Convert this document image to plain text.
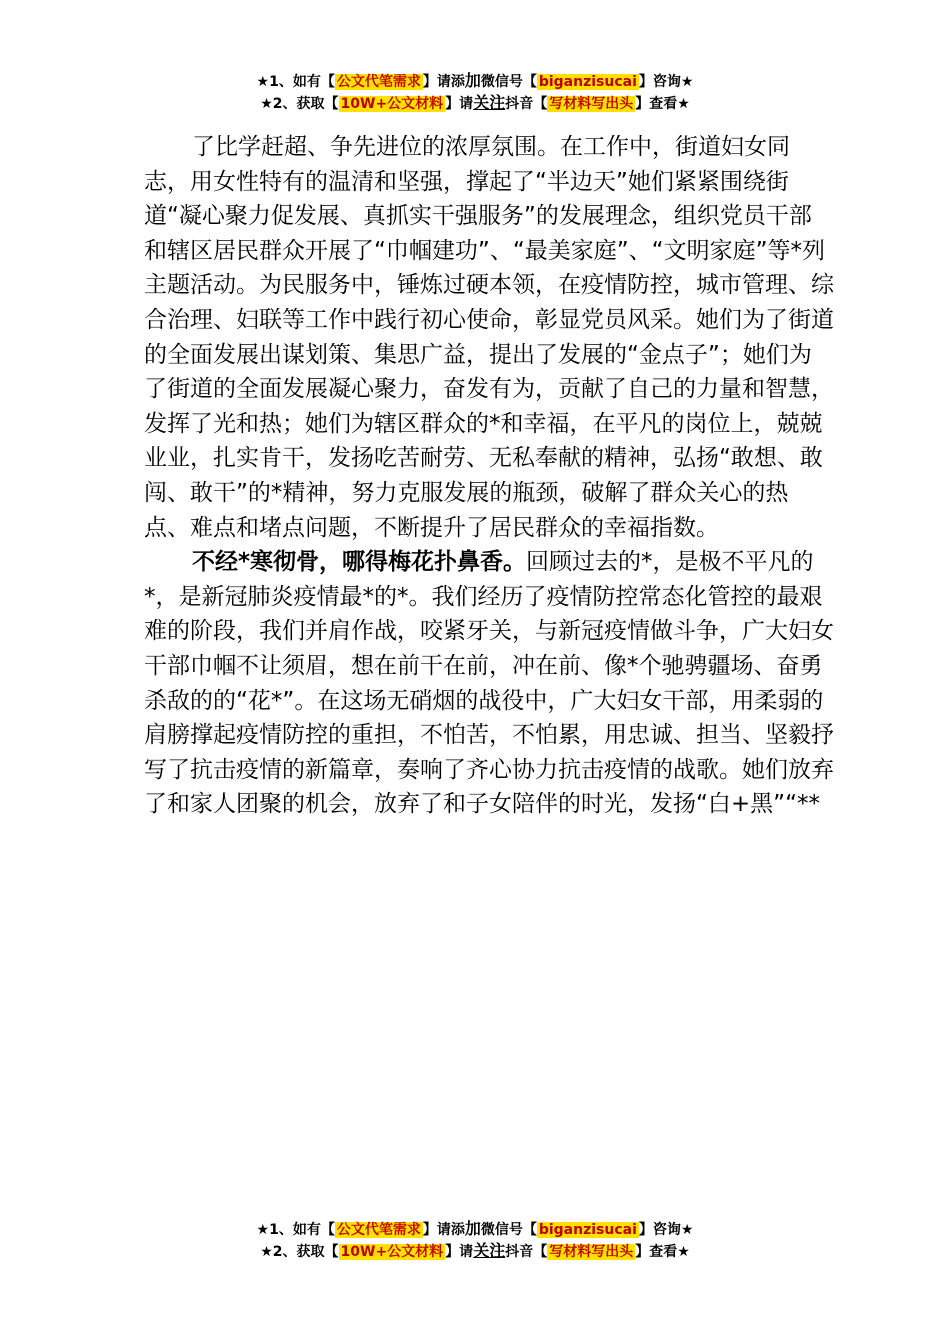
★1、如有【 公文代笔需求 】请添加微信号【 biganzisucai 】咨询★
★2、获取【 10W+公文材料 】请关注抖音【 写材料写出头 】查看★

了比学赶超、争先进位的浓厚氛围。在工作中，街道妇女同志，用女性特有的温清和坚强，撑起了“半边天”她们紧紧围绕街道“凝心聚力促发展、真抓实干强服务”的发展理念，组织党员干部和辖区居民群众开展了“巾帼建功”、“最美家庭”、“文明家庭”等*列主题活动。为民服务中，锤炼过硬本领，在疫情防控，城市管理、综合治理、妇联等工作中践行初心使命，彰显党员风采。她们为了街道的全面发展出谋划策、集思广益，提出了发展的“金点子”；她们为了街道的全面发展凝心聚力，奋发有为，贡献了自己的力量和智慧，发挥了光和热；她们为辖区群众的*和幸福，在平凡的岗位上，兢兢业业，扎实肯干，发扬吃苦耐劳、无私奉献的精神，弘扬“敢想、敢闯、敢干”的*精神，努力克服发展的瓶颈，破解了群众关心的热点、难点和堵点问题，不断提升了居民群众的幸福指数。

不经*寒彻骨，哪得梅花扑鼻香。回顾过去的*，是极不平凡的*，是新冠肺炎疫情最*的*。我们经历了疫情防控常态化管控的最艰难的阶段，我们并肩作战，咬紧牙关，与新冠疫情做斗争，广大妇女干部巾帼不让须眉，想在前干在前，冲在前、像*个驰骋疆场、奋勇杀敌的的“花*”。在这场无硝烟的战役中，广大妇女干部，用柔弱的肩膀撑起疫情防控的重担，不怕苦，不怕累，用忠诚、担当、坚毅抒写了抗击疫情的新篇章，奏响了齐心协力抗击疫情的战歌。她们放弃了和家人团聚的机会，放弃了和子女陪伴的时光，发扬“白+黑”“**

★1、如有【 公文代笔需求 】请添加微信号【 biganzisucai 】咨询★
★2、获取【 10W+公文材料 】请关注抖音【 写材料写出头 】查看★
